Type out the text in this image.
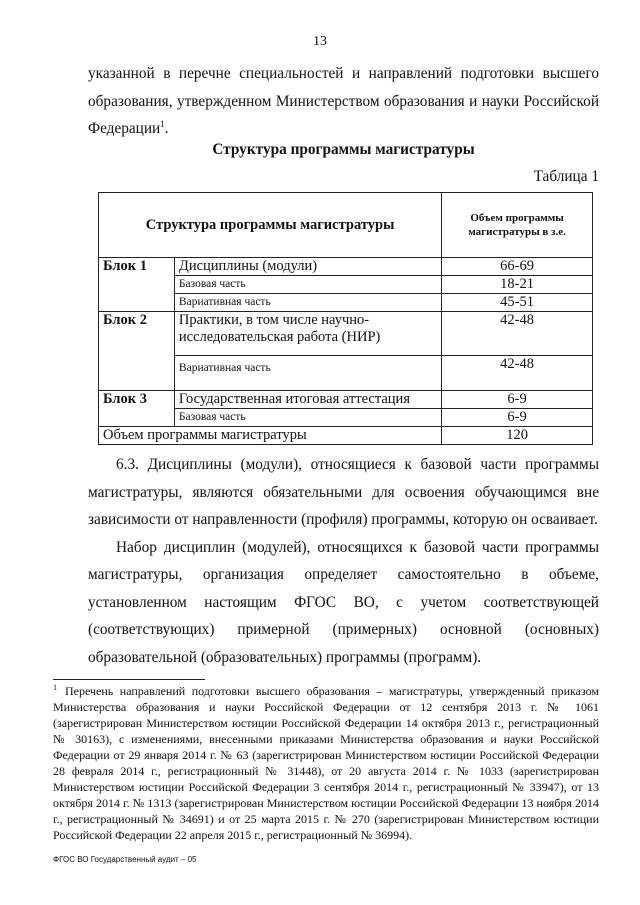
13

указанной в перечне специальностей и направлений подготовки высшего

образования, утвержденном Министерством образования и науки Российской

Федерации$^1$.

Структура программы магистратуры
Таблица 1
Структура программы магистратуры		Объем программы магистратуры в з.е.
Блок 1	Дисциплины (модули)	66-69
	Базовая часть	18-21
	Вариативная часть	45-51
Блок 2	Практики, в том числе научно-исследовательская работа (НИР)	42-48
	Вариативная часть	42-48
Блок 3	Государственная итоговая аттестация	6-9
	Базовая часть	6-9
Объем программы магистратуры		120

6.3. Дисциплины (модули), относящиеся к базовой части программы магистратуры, являются обязательными для освоения обучающимся вне зависимости от направленности (профиля) программы, которую он осваивает.

Набор дисциплин (модулей), относящихся к базовой части программы магистратуры, организация определяет самостоятельно в объеме, установленном настоящим ФГОС ВО, с учетом соответствующей (соответствующих) примерной (примерных) основной (основных) образовательной (образовательных) программы (программ).

$^1$ Перечень направлений подготовки высшего образования – магистратуры, утвержденный приказом Министерства образования и науки Российской Федерации от 12 сентября 2013 г. № 1061 (зарегистрирован Министерством юстиции Российской Федерации 14 октября 2013 г., регистрационный № 30163), с изменениями, внесенными приказами Министерства образования и науки Российской Федерации от 29 января 2014 г. № 63 (зарегистрирован Министерством юстиции Российской Федерации 28 февраля 2014 г., регистрационный № 31448), от 20 августа 2014 г. № 1033 (зарегистрирован Министерством юстиции Российской Федерации 3 сентября 2014 г., регистрационный № 33947), от 13 октября 2014 г. № 1313 (зарегистрирован Министерством юстиции Российской Федерации 13 ноября 2014 г., регистрационный № 34691) и от 25 марта 2015 г. № 270 (зарегистрирован Министерством юстиции Российской Федерации 22 апреля 2015 г., регистрационный № 36994).

ФГОС ВО Государственный аудит – 05
